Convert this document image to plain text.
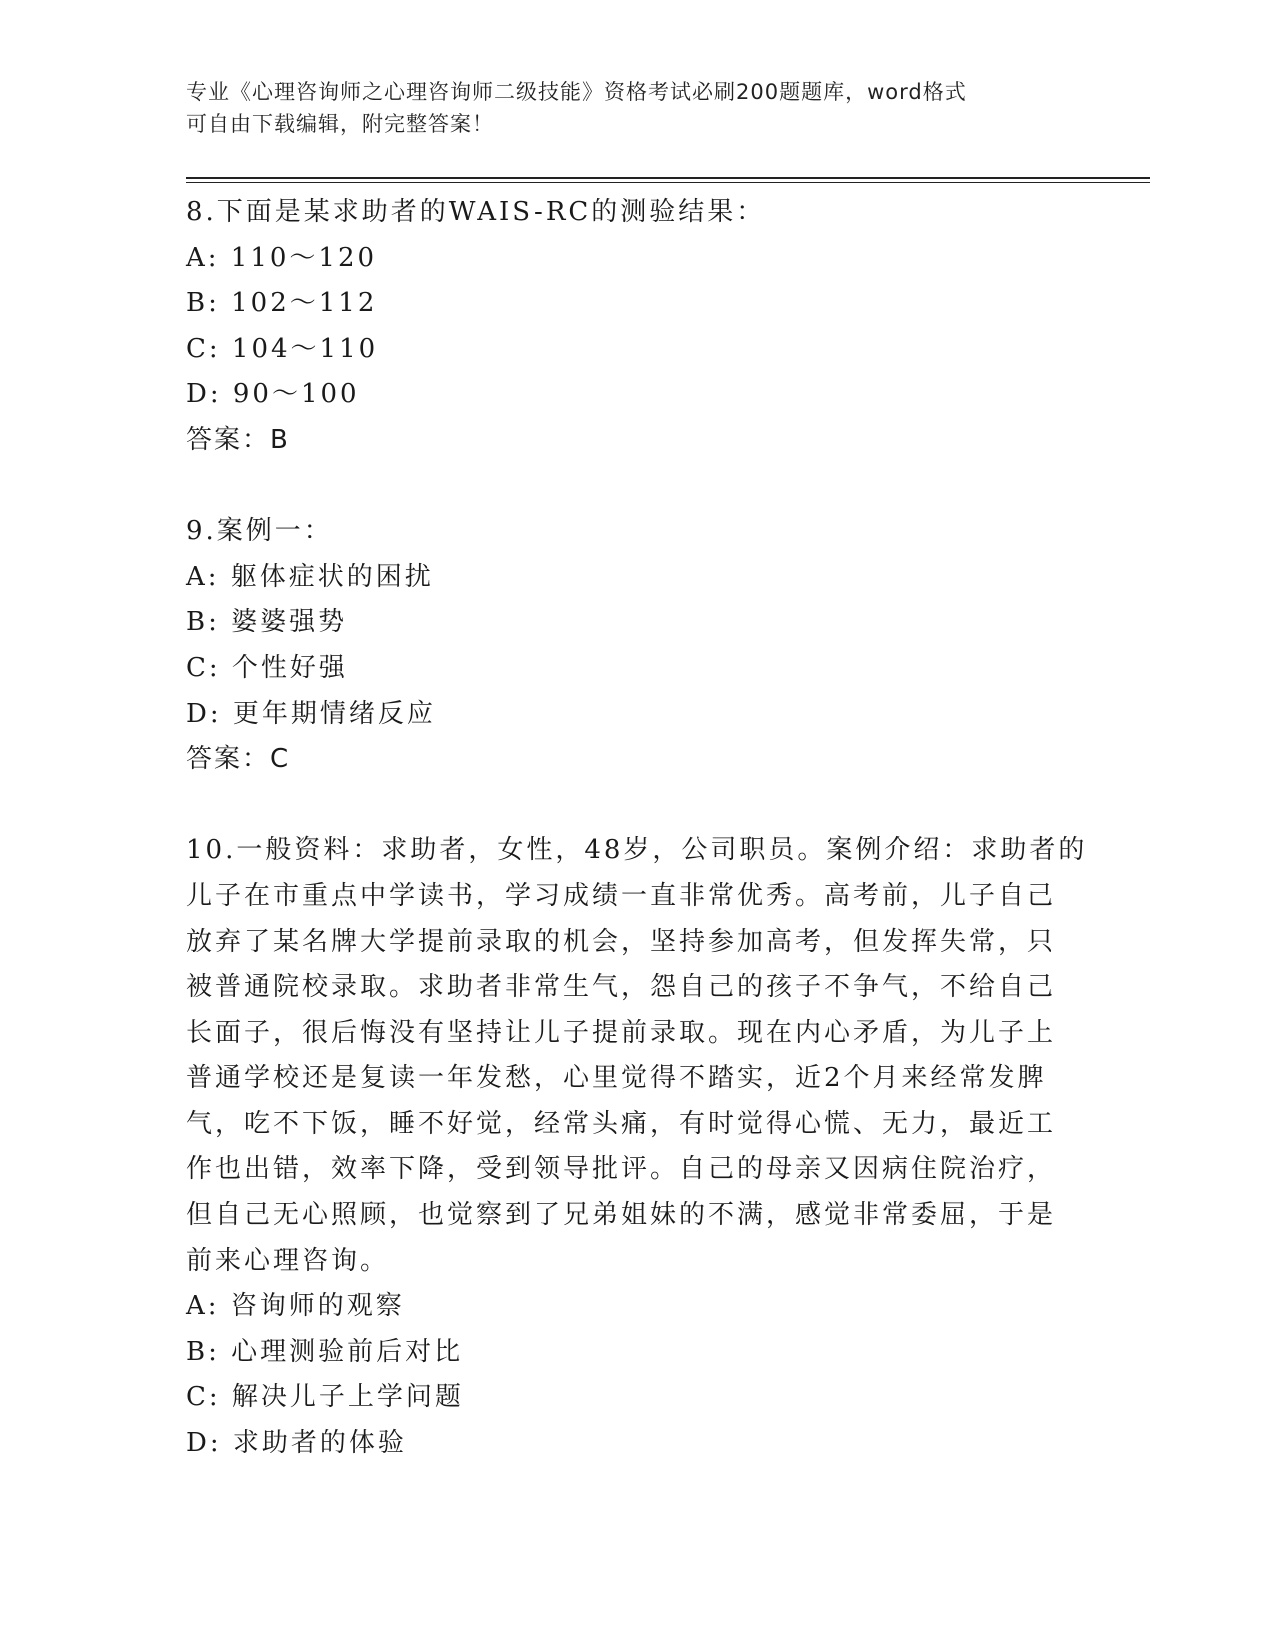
专业《心理咨询师之心理咨询师二级技能》资格考试必刷200题题库，word格式
可自由下载编辑，附完整答案！
8.下面是某求助者的WAIS-RC的测验结果：
A: 110～120
B: 102～112
C: 104～110
D: 90～100
答案：B
9.案例一：
A: 躯体症状的困扰
B: 婆婆强势
C: 个性好强
D: 更年期情绪反应
答案：C
10.一般资料：求助者，女性，48岁，公司职员。案例介绍：求助者的
儿子在市重点中学读书，学习成绩一直非常优秀。高考前，儿子自己
放弃了某名牌大学提前录取的机会，坚持参加高考，但发挥失常，只
被普通院校录取。求助者非常生气，怨自己的孩子不争气，不给自己
长面子，很后悔没有坚持让儿子提前录取。现在内心矛盾，为儿子上
普通学校还是复读一年发愁，心里觉得不踏实，近2个月来经常发脾
气，吃不下饭，睡不好觉，经常头痛，有时觉得心慌、无力，最近工
作也出错，效率下降，受到领导批评。自己的母亲又因病住院治疗，
但自己无心照顾，也觉察到了兄弟姐妹的不满，感觉非常委屈，于是
前来心理咨询。
A: 咨询师的观察
B: 心理测验前后对比
C: 解决儿子上学问题
D: 求助者的体验
